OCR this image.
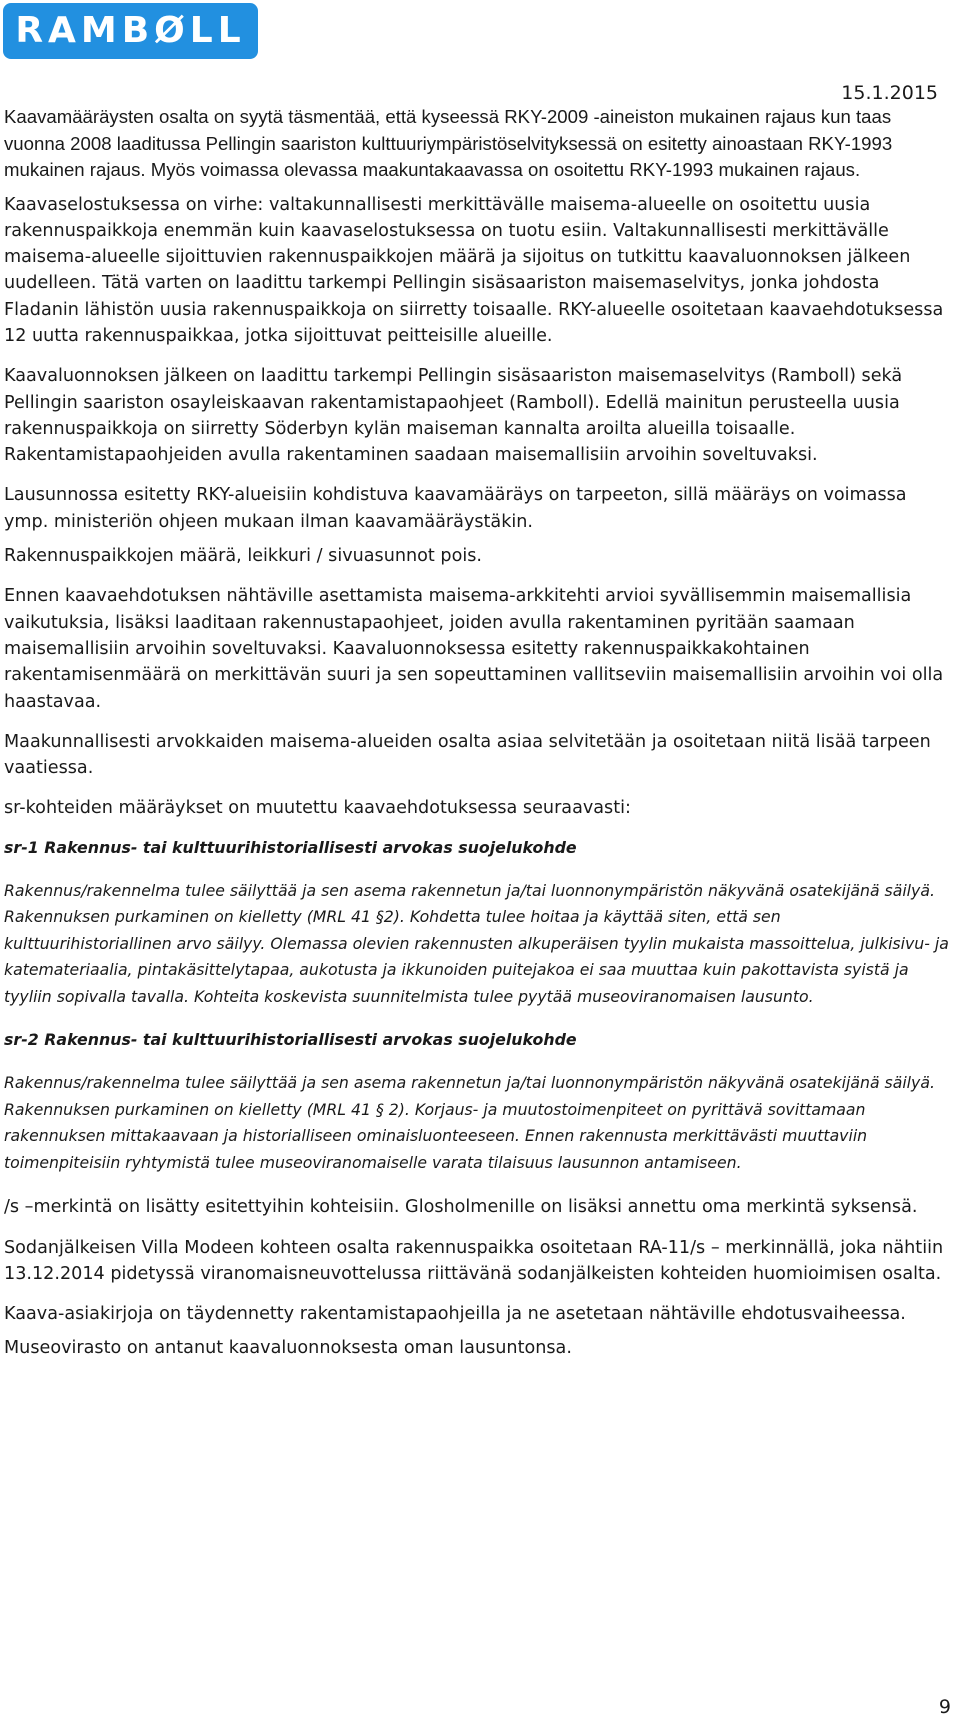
RAMBØLL
15.1.2015

Kaavamääräysten osalta on syytä täsmentää, että kyseessä RKY-2009 -aineiston mukainen rajaus kun taas vuonna 2008 laaditussa Pellingin saariston kulttuuriympäristöselvityksessä on esitetty ainoastaan RKY-1993 mukainen rajaus. Myös voimassa olevassa maakuntakaavassa on osoitettu RKY-1993 mukainen rajaus.

Kaavaselostuksessa on virhe: valtakunnallisesti merkittävälle maisema-alueelle on osoitettu uusia rakennuspaikkoja enemmän kuin kaavaselostuksessa on tuotu esiin. Valtakunnallisesti merkittävälle maisema-alueelle sijoittuvien rakennuspaikkojen määrä ja sijoitus on tutkittu kaavaluonnoksen jälkeen uudelleen. Tätä varten on laadittu tarkempi Pellingin sisäsaariston maisemaselvitys, jonka johdosta Fladanin lähistön uusia rakennuspaikkoja on siirretty toisaalle. RKY-alueelle osoitetaan kaavaehdotuksessa 12 uutta rakennuspaikkaa, jotka sijoittuvat peitteisille alueille.

Kaavaluonnoksen jälkeen on laadittu tarkempi Pellingin sisäsaariston maisemaselvitys (Ramboll) sekä Pellingin saariston osayleiskaavan rakentamistapaohjeet (Ramboll). Edellä mainitun perusteella uusia rakennuspaikkoja on siirretty Söderbyn kylän maiseman kannalta aroilta alueilla toisaalle. Rakentamistapaohjeiden avulla rakentaminen saadaan maisemallisiin arvoihin soveltuvaksi.

Lausunnossa esitetty RKY-alueisiin kohdistuva kaavamääräys on tarpeeton, sillä määräys on voimassa ymp. ministeriön ohjeen mukaan ilman kaavamääräystäkin.

Rakennuspaikkojen määrä, leikkuri / sivuasunnot pois.

Ennen kaavaehdotuksen nähtäville asettamista maisema-arkkitehti arvioi syvällisemmin maisemallisia vaikutuksia, lisäksi laaditaan rakennustapaohjeet, joiden avulla rakentaminen pyritään saamaan maisemallisiin arvoihin soveltuvaksi. Kaavaluonnoksessa esitetty rakennuspaikkakohtainen rakentamisenmäärä on merkittävän suuri ja sen sopeuttaminen vallitseviin maisemallisiin arvoihin voi olla haastavaa.

Maakunnallisesti arvokkaiden maisema-alueiden osalta asiaa selvitetään ja osoitetaan niitä lisää tarpeen vaatiessa.

sr-kohteiden määräykset on muutettu kaavaehdotuksessa seuraavasti:

sr-1 Rakennus- tai kulttuurihistoriallisesti arvokas suojelukohde

Rakennus/rakennelma tulee säilyttää ja sen asema rakennetun ja/tai luonnonympäristön näkyvänä osatekijänä säilyä. Rakennuksen purkaminen on kielletty (MRL 41 §2). Kohdetta tulee hoitaa ja käyttää siten, että sen kulttuurihistoriallinen arvo säilyy. Olemassa olevien rakennusten alkuperäisen tyylin mukaista massoittelua, julkisivu- ja katemateriaalia, pintakäsittelytapaa, aukotusta ja ikkunoiden puitejakoa ei saa muuttaa kuin pakottavista syistä ja tyyliin sopivalla tavalla. Kohteita koskevista suunnitelmista tulee pyytää museoviranomaisen lausunto.

sr-2 Rakennus- tai kulttuurihistoriallisesti arvokas suojelukohde

Rakennus/rakennelma tulee säilyttää ja sen asema rakennetun ja/tai luonnonympäristön näkyvänä osatekijänä säilyä. Rakennuksen purkaminen on kielletty (MRL 41 § 2). Korjaus- ja muutostoimenpiteet on pyrittävä sovittamaan rakennuksen mittakaavaan ja historialliseen ominaisluonteeseen. Ennen rakennusta merkittävästi muuttaviin toimenpiteisiin ryhtymistä tulee museoviranomaiselle varata tilaisuus lausunnon antamiseen.

/s –merkintä on lisätty esitettyihin kohteisiin. Glosholmenille on lisäksi annettu oma merkintä syksensä.

Sodanjälkeisen Villa Modeen kohteen osalta rakennuspaikka osoitetaan RA-11/s – merkinnällä, joka nähtiin 13.12.2014 pidetyssä viranomaisneuvottelussa riittävänä sodanjälkeisten kohteiden huomioimisen osalta.

Kaava-asiakirjoja on täydennetty rakentamistapaohjeilla ja ne asetetaan nähtäville ehdotusvaiheessa.

Museovirasto on antanut kaavaluonnoksesta oman lausuntonsa.

9
